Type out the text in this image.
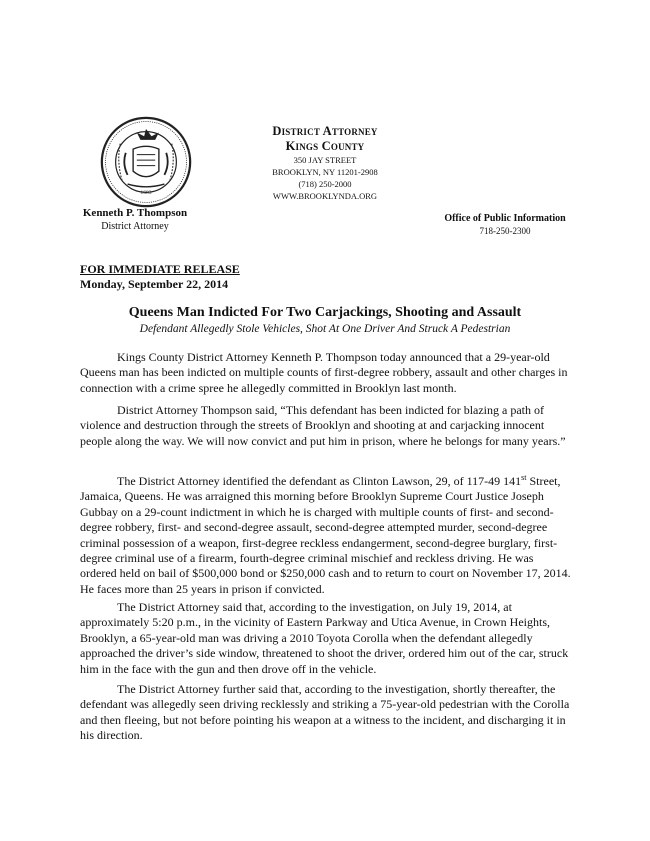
1683
District Attorney
Kings County
350 JAY STREET
BROOKLYN, NY 11201-2908
(718) 250-2000
WWW.BROOKLYNDA.ORG
Kenneth P. Thompson
District Attorney
Office of Public Information
718-250-2300
FOR IMMEDIATE RELEASE
Monday, September 22, 2014
Queens Man Indicted For Two Carjackings, Shooting and Assault
Defendant Allegedly Stole Vehicles, Shot At One Driver And Struck A Pedestrian
Kings County District Attorney Kenneth P. Thompson today announced that a 29-year-old Queens man has been indicted on multiple counts of first-degree robbery, assault and other charges in connection with a crime spree he allegedly committed in Brooklyn last month.
District Attorney Thompson said, “This defendant has been indicted for blazing a path of violence and destruction through the streets of Brooklyn and shooting at and carjacking innocent people along the way. We will now convict and put him in prison, where he belongs for many years.”
The District Attorney identified the defendant as Clinton Lawson, 29, of 117-49 141st Street, Jamaica, Queens. He was arraigned this morning before Brooklyn Supreme Court Justice Joseph Gubbay on a 29-count indictment in which he is charged with multiple counts of first- and second-degree robbery, first- and second-degree assault, second-degree attempted murder, second-degree criminal possession of a weapon, first-degree reckless endangerment, second-degree burglary, first-degree criminal use of a firearm, fourth-degree criminal mischief and reckless driving. He was ordered held on bail of $500,000 bond or $250,000 cash and to return to court on November 17, 2014. He faces more than 25 years in prison if convicted.
The District Attorney said that, according to the investigation, on July 19, 2014, at approximately 5:20 p.m., in the vicinity of Eastern Parkway and Utica Avenue, in Crown Heights, Brooklyn, a 65-year-old man was driving a 2010 Toyota Corolla when the defendant allegedly approached the driver’s side window, threatened to shoot the driver, ordered him out of the car, struck him in the face with the gun and then drove off in the vehicle.
The District Attorney further said that, according to the investigation, shortly thereafter, the defendant was allegedly seen driving recklessly and striking a 75-year-old pedestrian with the Corolla and then fleeing, but not before pointing his weapon at a witness to the incident, and discharging it in his direction.
